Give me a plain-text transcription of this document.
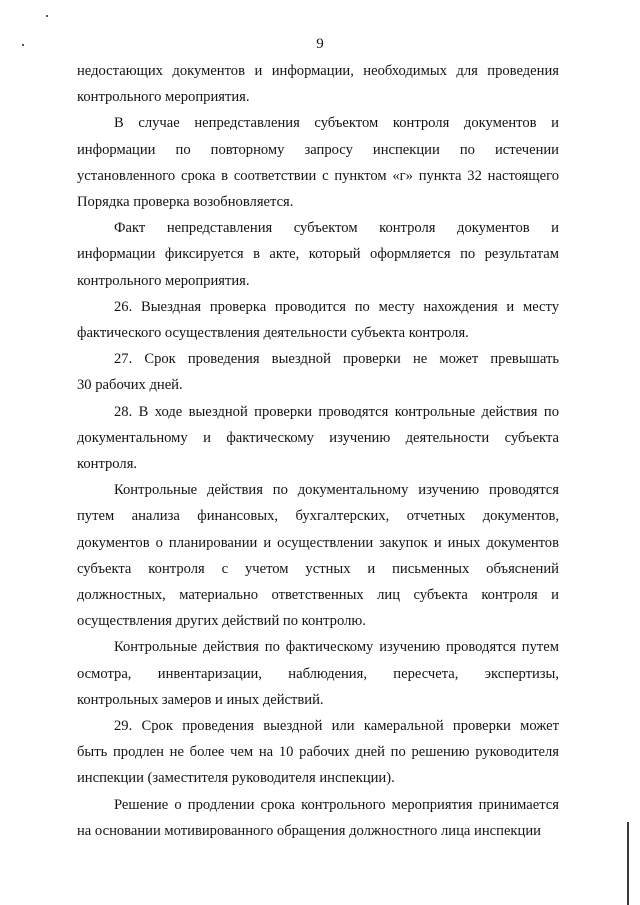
9

недостающих документов и информации, необходимых для проведения
контрольного мероприятия.

В случае непредставления субъектом контроля документов и
информации по повторному запросу инспекции по истечении
установленного срока в соответствии с пунктом «г» пункта 32 настоящего
Порядка проверка возобновляется.

Факт непредставления субъектом контроля документов и
информации фиксируется в акте, который оформляется по результатам
контрольного мероприятия.

26. Выездная проверка проводится по месту нахождения и месту
фактического осуществления деятельности субъекта контроля.

27. Срок проведения выездной проверки не может превышать
30 рабочих дней.

28. В ходе выездной проверки проводятся контрольные действия по
документальному и фактическому изучению деятельности субъекта
контроля.

Контрольные действия по документальному изучению проводятся
путем анализа финансовых, бухгалтерских, отчетных документов,
документов о планировании и осуществлении закупок и иных документов
субъекта контроля с учетом устных и письменных объяснений
должностных, материально ответственных лиц субъекта контроля и
осуществления других действий по контролю.

Контрольные действия по фактическому изучению проводятся путем
осмотра, инвентаризации, наблюдения, пересчета, экспертизы,
контрольных замеров и иных действий.

29. Срок проведения выездной или камеральной проверки может
быть продлен не более чем на 10 рабочих дней по решению руководителя
инспекции (заместителя руководителя инспекции).

Решение о продлении срока контрольного мероприятия принимается
на основании мотивированного обращения должностного лица инспекции
